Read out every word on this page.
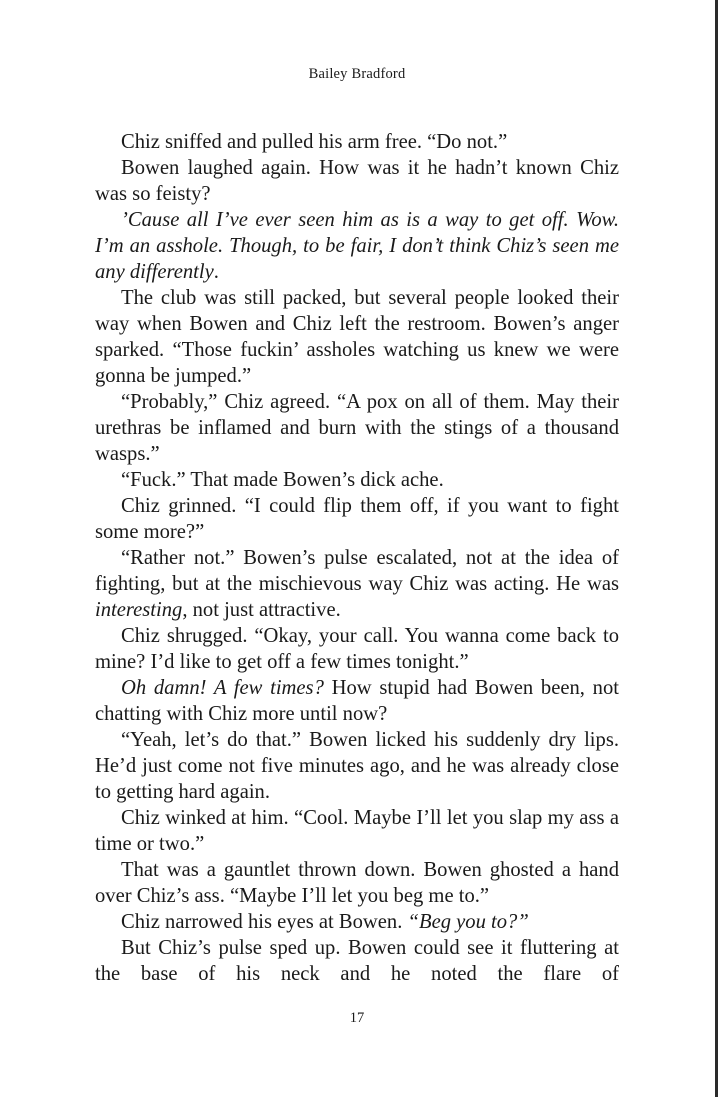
Bailey Bradford

Chiz sniffed and pulled his arm free. “Do not.”

Bowen laughed again. How was it he hadn’t known Chiz was so feisty?

’Cause all I’ve ever seen him as is a way to get off. Wow. I’m an asshole. Though, to be fair, I don’t think Chiz’s seen me any differently.

The club was still packed, but several people looked their way when Bowen and Chiz left the restroom. Bowen’s anger sparked. “Those fuckin’ assholes watching us knew we were gonna be jumped.”

“Probably,” Chiz agreed. “A pox on all of them. May their urethras be inflamed and burn with the stings of a thousand wasps.”

“Fuck.” That made Bowen’s dick ache.

Chiz grinned. “I could flip them off, if you want to fight some more?”

“Rather not.” Bowen’s pulse escalated, not at the idea of fighting, but at the mischievous way Chiz was acting. He was interesting, not just attractive.

Chiz shrugged. “Okay, your call. You wanna come back to mine? I’d like to get off a few times tonight.”

Oh damn! A few times? How stupid had Bowen been, not chatting with Chiz more until now?

“Yeah, let’s do that.” Bowen licked his suddenly dry lips. He’d just come not five minutes ago, and he was already close to getting hard again.

Chiz winked at him. “Cool. Maybe I’ll let you slap my ass a time or two.”

That was a gauntlet thrown down. Bowen ghosted a hand over Chiz’s ass. “Maybe I’ll let you beg me to.”

Chiz narrowed his eyes at Bowen. “Beg you to?”

But Chiz’s pulse sped up. Bowen could see it fluttering at the base of his neck and he noted the flare of

17
